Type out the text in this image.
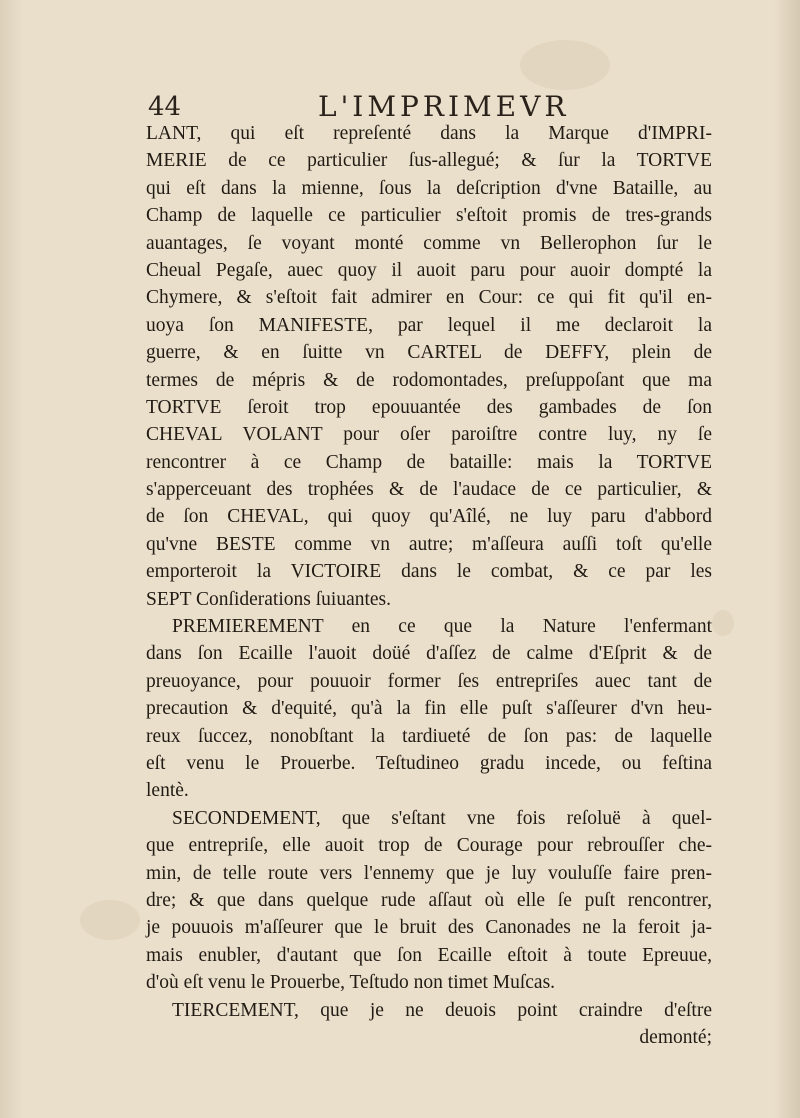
44	L'IMPRIMEVR
LANT, qui eſt repreſenté dans la Marque d'IMPRI-
MERIE de ce particulier ſus-allegué; & ſur la TORTVE
qui eſt dans la mienne, ſous la deſcription d'vne Bataille, au
Champ de laquelle ce particulier s'eſtoit promis de tres-grands
auantages, ſe voyant monté comme vn Bellerophon ſur le
Cheual Pegaſe, auec quoy il auoit paru pour auoir dompté la
Chymere, & s'eſtoit fait admirer en Cour: ce qui fit qu'il en-
uoya ſon MANIFESTE, par lequel il me declaroit la
guerre, & en ſuitte vn CARTEL de DEFFY, plein de
termes de mépris & de rodomontades, preſuppoſant que ma
TORTVE ſeroit trop epouuantée des gambades de ſon
CHEVAL VOLANT pour oſer paroiſtre contre luy, ny ſe
rencontrer à ce Champ de bataille: mais la TORTVE
s'apperceuant des trophées & de l'audace de ce particulier, &
de ſon CHEVAL, qui quoy qu'Aîlé, ne luy paru d'abbord
qu'vne BESTE comme vn autre; m'aſſeura auſſi toſt qu'elle
emporteroit la VICTOIRE dans le combat, & ce par les
SEPT Conſiderations ſuiuantes.
PREMIEREMENT en ce que la Nature l'enfermant
dans ſon Ecaille l'auoit doüé d'aſſez de calme d'Eſprit & de
preuoyance, pour pouuoir former ſes entrepriſes auec tant de
precaution & d'equité, qu'à la fin elle puſt s'aſſeurer d'vn heu-
reux ſuccez, nonobſtant la tardiueté de ſon pas: de laquelle
eſt venu le Prouerbe. Teſtudineo gradu incede, ou feſtina
lentè.
SECONDEMENT, que s'eſtant vne fois reſoluë à quel-
que entrepriſe, elle auoit trop de Courage pour rebrouſſer che-
min, de telle route vers l'ennemy que je luy vouluſſe faire pren-
dre; & que dans quelque rude aſſaut où elle ſe puſt rencontrer,
je pouuois m'aſſeurer que le bruit des Canonades ne la feroit ja-
mais enubler, d'autant que ſon Ecaille eſtoit à toute Epreuue,
d'où eſt venu le Prouerbe, Teſtudo non timet Muſcas.
TIERCEMENT, que je ne deuois point craindre d'eſtre
demonté;
